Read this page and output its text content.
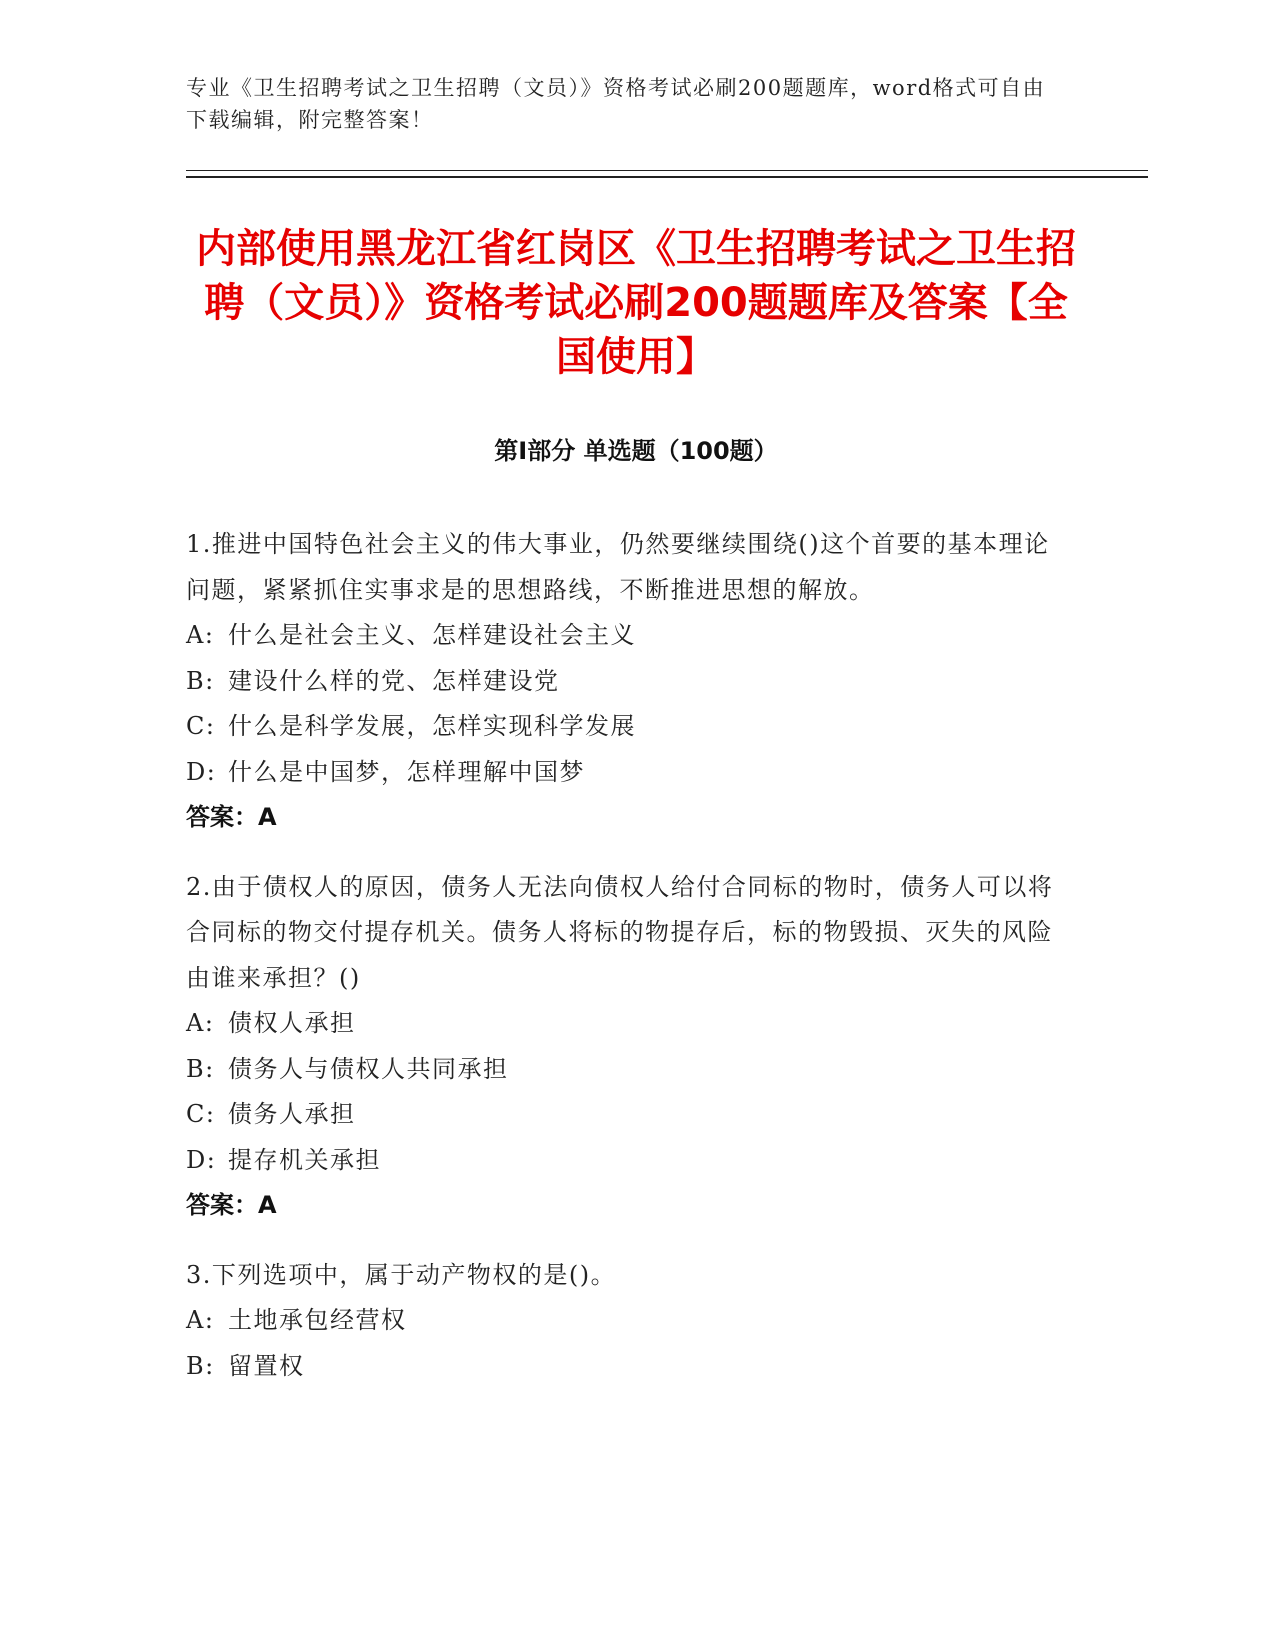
专业《卫生招聘考试之卫生招聘（文员）》资格考试必刷200题题库，word格式可自由下载编辑，附完整答案！
内部使用黑龙江省红岗区《卫生招聘考试之卫生招聘（文员）》资格考试必刷200题题库及答案【全国使用】
第I部分 单选题（100题）
1.推进中国特色社会主义的伟大事业，仍然要继续围绕()这个首要的基本理论问题，紧紧抓住实事求是的思想路线，不断推进思想的解放。
A: 什么是社会主义、怎样建设社会主义
B: 建设什么样的党、怎样建设党
C: 什么是科学发展，怎样实现科学发展
D: 什么是中国梦，怎样理解中国梦
答案：A
2.由于债权人的原因，债务人无法向债权人给付合同标的物时，债务人可以将合同标的物交付提存机关。债务人将标的物提存后，标的物毁损、灭失的风险由谁来承担？()
A: 债权人承担
B: 债务人与债权人共同承担
C: 债务人承担
D: 提存机关承担
答案：A
3.下列选项中，属于动产物权的是()。
A: 土地承包经营权
B: 留置权
